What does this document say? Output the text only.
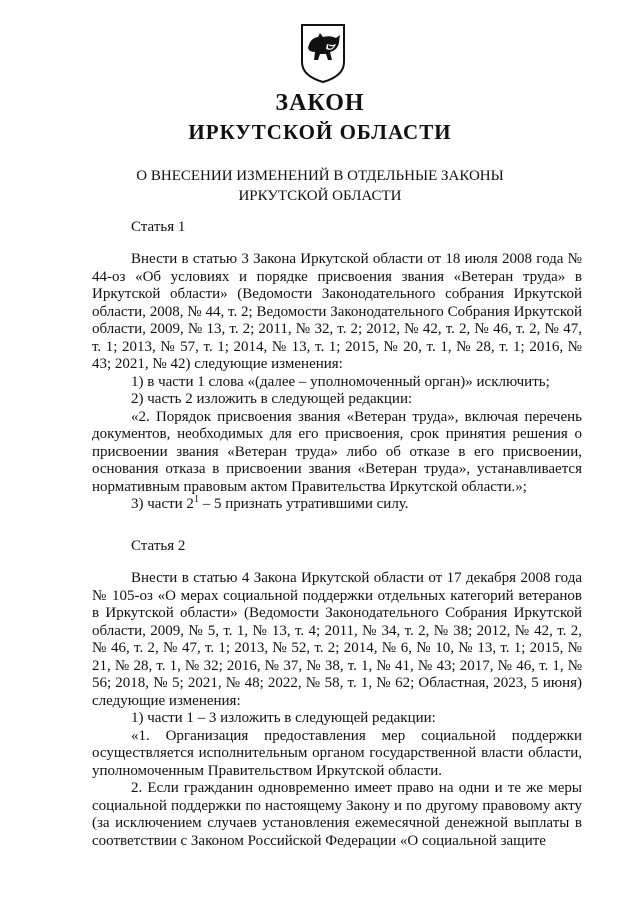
ЗАКОН
ИРКУТСКОЙ ОБЛАСТИ
О ВНЕСЕНИИ ИЗМЕНЕНИЙ В ОТДЕЛЬНЫЕ ЗАКОНЫ
ИРКУТСКОЙ ОБЛАСТИ
Статья 1

Внести в статью 3 Закона Иркутской области от 18 июля 2008 года № 44-оз «Об условиях и порядке присвоения звания «Ветеран труда» в Иркутской области» (Ведомости Законодательного собрания Иркутской области, 2008, № 44, т. 2; Ведомости Законодательного Собрания Иркутской области, 2009, № 13, т. 2; 2011, № 32, т. 2; 2012, № 42, т. 2, № 46, т. 2, № 47, т. 1; 2013, № 57, т. 1; 2014, № 13, т. 1; 2015, № 20, т. 1, № 28, т. 1; 2016, № 43; 2021, № 42) следующие изменения:

1) в части 1 слова «(далее – уполномоченный орган)» исключить;

2) часть 2 изложить в следующей редакции:

«2. Порядок присвоения звания «Ветеран труда», включая перечень документов, необходимых для его присвоения, срок принятия решения о присвоении звания «Ветеран труда» либо об отказе в его присвоении, основания отказа в присвоении звания «Ветеран труда», устанавливается нормативным правовым актом Правительства Иркутской области.»;

3) части $2^1 - 5$ признать утратившими силу.

Статья 2

Внести в статью 4 Закона Иркутской области от 17 декабря 2008 года № 105-оз «О мерах социальной поддержки отдельных категорий ветеранов в Иркутской области» (Ведомости Законодательного Собрания Иркутской области, 2009, № 5, т. 1, № 13, т. 4; 2011, № 34, т. 2, № 38; 2012, № 42, т. 2, № 46, т. 2, № 47, т. 1; 2013, № 52, т. 2; 2014, № 6, № 10, № 13, т. 1; 2015, № 21, № 28, т. 1, № 32; 2016, № 37, № 38, т. 1, № 41, № 43; 2017, № 46, т. 1, № 56; 2018, № 5; 2021, № 48; 2022, № 58, т. 1, № 62; Областная, 2023, 5 июня) следующие изменения:

1) части 1 – 3 изложить в следующей редакции:

«1. Организация предоставления мер социальной поддержки осуществляется исполнительным органом государственной власти области, уполномоченным Правительством Иркутской области.

2. Если гражданин одновременно имеет право на одни и те же меры социальной поддержки по настоящему Закону и по другому правовому акту (за исключением случаев установления ежемесячной денежной выплаты в соответствии с Законом Российской Федерации «О социальной защите
